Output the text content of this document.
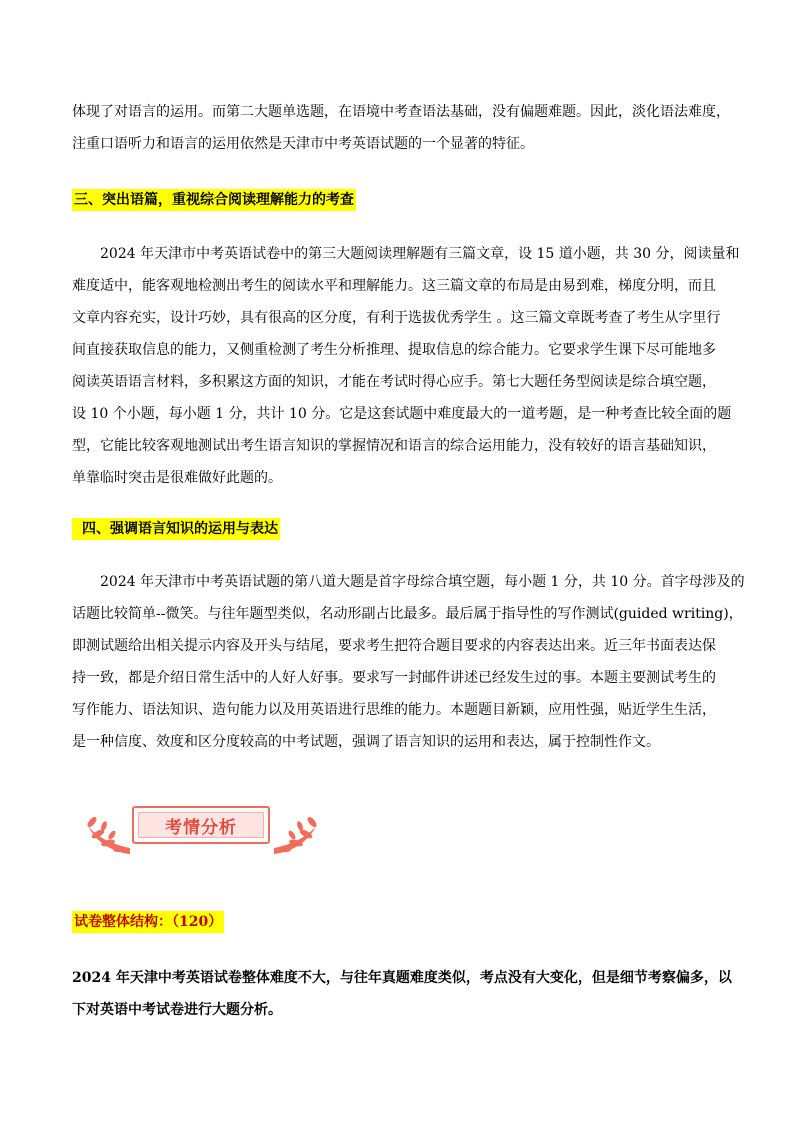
体现了对语言的运用。而第二大题单选题，在语境中考查语法基础，没有偏题难题。因此，淡化语法难度，
注重口语听力和语言的运用依然是天津市中考英语试题的一个显著的特征。
三、突出语篇，重视综合阅读理解能力的考查
2024 年天津市中考英语试卷中的第三大题阅读理解题有三篇文章，设 15 道小题，共 30 分，阅读量和
难度适中，能客观地检测出考生的阅读水平和理解能力。这三篇文章的布局是由易到难，梯度分明，而且
文章内容充实，设计巧妙，具有很高的区分度，有利于选拔优秀学生 。这三篇文章既考查了考生从字里行
间直接获取信息的能力，又侧重检测了考生分析推理、提取信息的综合能力。它要求学生课下尽可能地多
阅读英语语言材料，多积累这方面的知识，才能在考试时得心应手。第七大题任务型阅读是综合填空题，
设 10 个小题，每小题 1 分，共计 10 分。它是这套试题中难度最大的一道考题，是一种考查比较全面的题
型，它能比较客观地测试出考生语言知识的掌握情况和语言的综合运用能力，没有较好的语言基础知识，
单靠临时突击是很难做好此题的。
四、强调语言知识的运用与表达
2024 年天津市中考英语试题的第八道大题是首字母综合填空题，每小题 1 分，共 10 分。首字母涉及的
话题比较简单--微笑。与往年题型类似，名动形副占比最多。最后属于指导性的写作测试(guided writing)，
即测试题给出相关提示内容及开头与结尾，要求考生把符合题目要求的内容表达出来。近三年书面表达保
持一致，都是介绍日常生活中的人好人好事。要求写一封邮件讲述已经发生过的事。本题主要测试考生的
写作能力、语法知识、造句能力以及用英语进行思维的能力。本题题目新颖，应用性强，贴近学生生活，
是一种信度、效度和区分度较高的中考试题，强调了语言知识的运用和表达，属于控制性作文。
考情分析
试卷整体结构：（120）
2024 年天津中考英语试卷整体难度不大，与往年真题难度类似，考点没有大变化，但是细节考察偏多，以
下对英语中考试卷进行大题分析。
